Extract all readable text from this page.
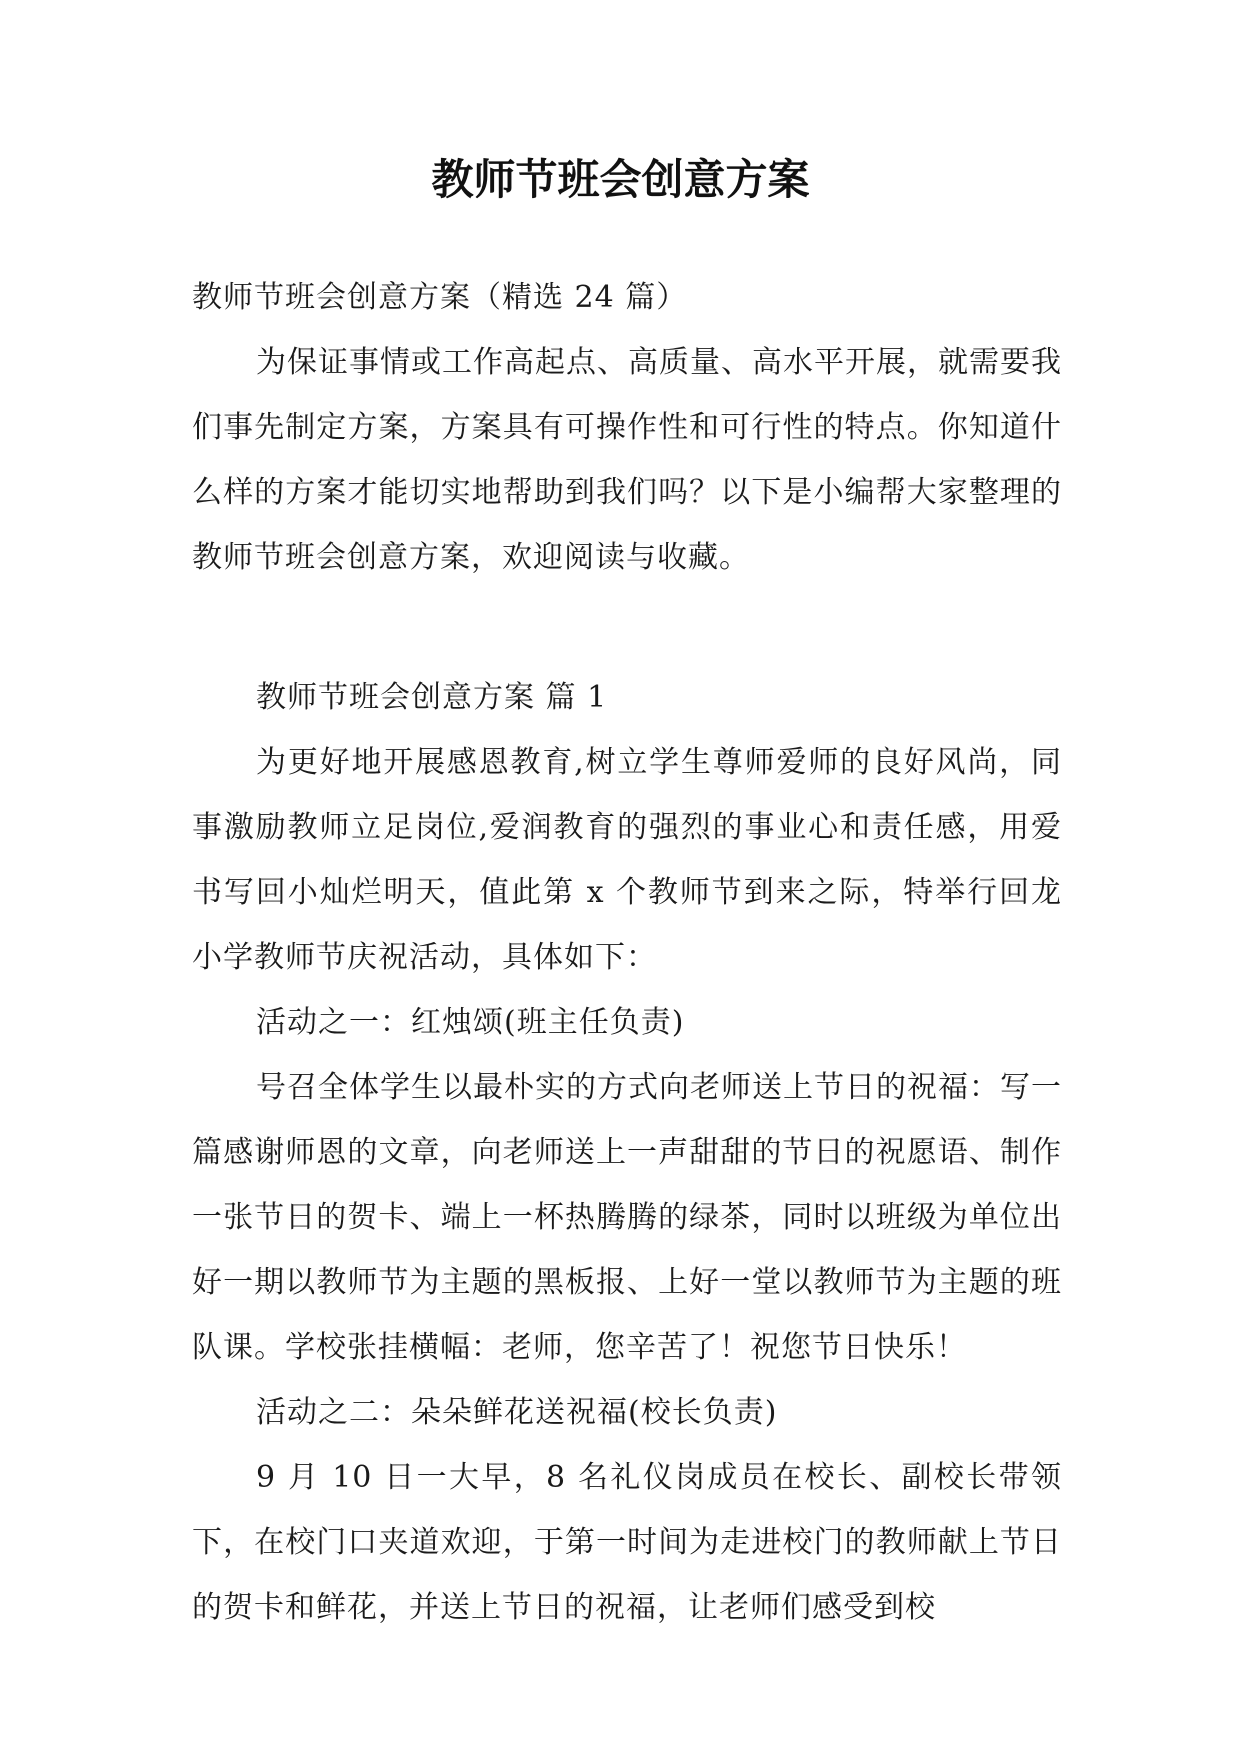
教师节班会创意方案

教师节班会创意方案（精选 24 篇）

为保证事情或工作高起点、高质量、高水平开展，就需要我们事先制定方案，方案具有可操作性和可行性的特点。你知道什么样的方案才能切实地帮助到我们吗？以下是小编帮大家整理的教师节班会创意方案，欢迎阅读与收藏。

教师节班会创意方案 篇 1

为更好地开展感恩教育,树立学生尊师爱师的良好风尚，同事激励教师立足岗位,爱润教育的强烈的事业心和责任感，用爱书写回小灿烂明天，值此第 x 个教师节到来之际，特举行回龙小学教师节庆祝活动，具体如下：

活动之一：红烛颂(班主任负责)

号召全体学生以最朴实的方式向老师送上节日的祝福：写一篇感谢师恩的文章，向老师送上一声甜甜的节日的祝愿语、制作一张节日的贺卡、端上一杯热腾腾的绿茶，同时以班级为单位出好一期以教师节为主题的黑板报、上好一堂以教师节为主题的班队课。学校张挂横幅：老师，您辛苦了！祝您节日快乐！

活动之二：朵朵鲜花送祝福(校长负责)

9 月 10 日一大早，8 名礼仪岗成员在校长、副校长带领下，在校门口夹道欢迎，于第一时间为走进校门的教师献上节日的贺卡和鲜花，并送上节日的祝福，让老师们感受到校
